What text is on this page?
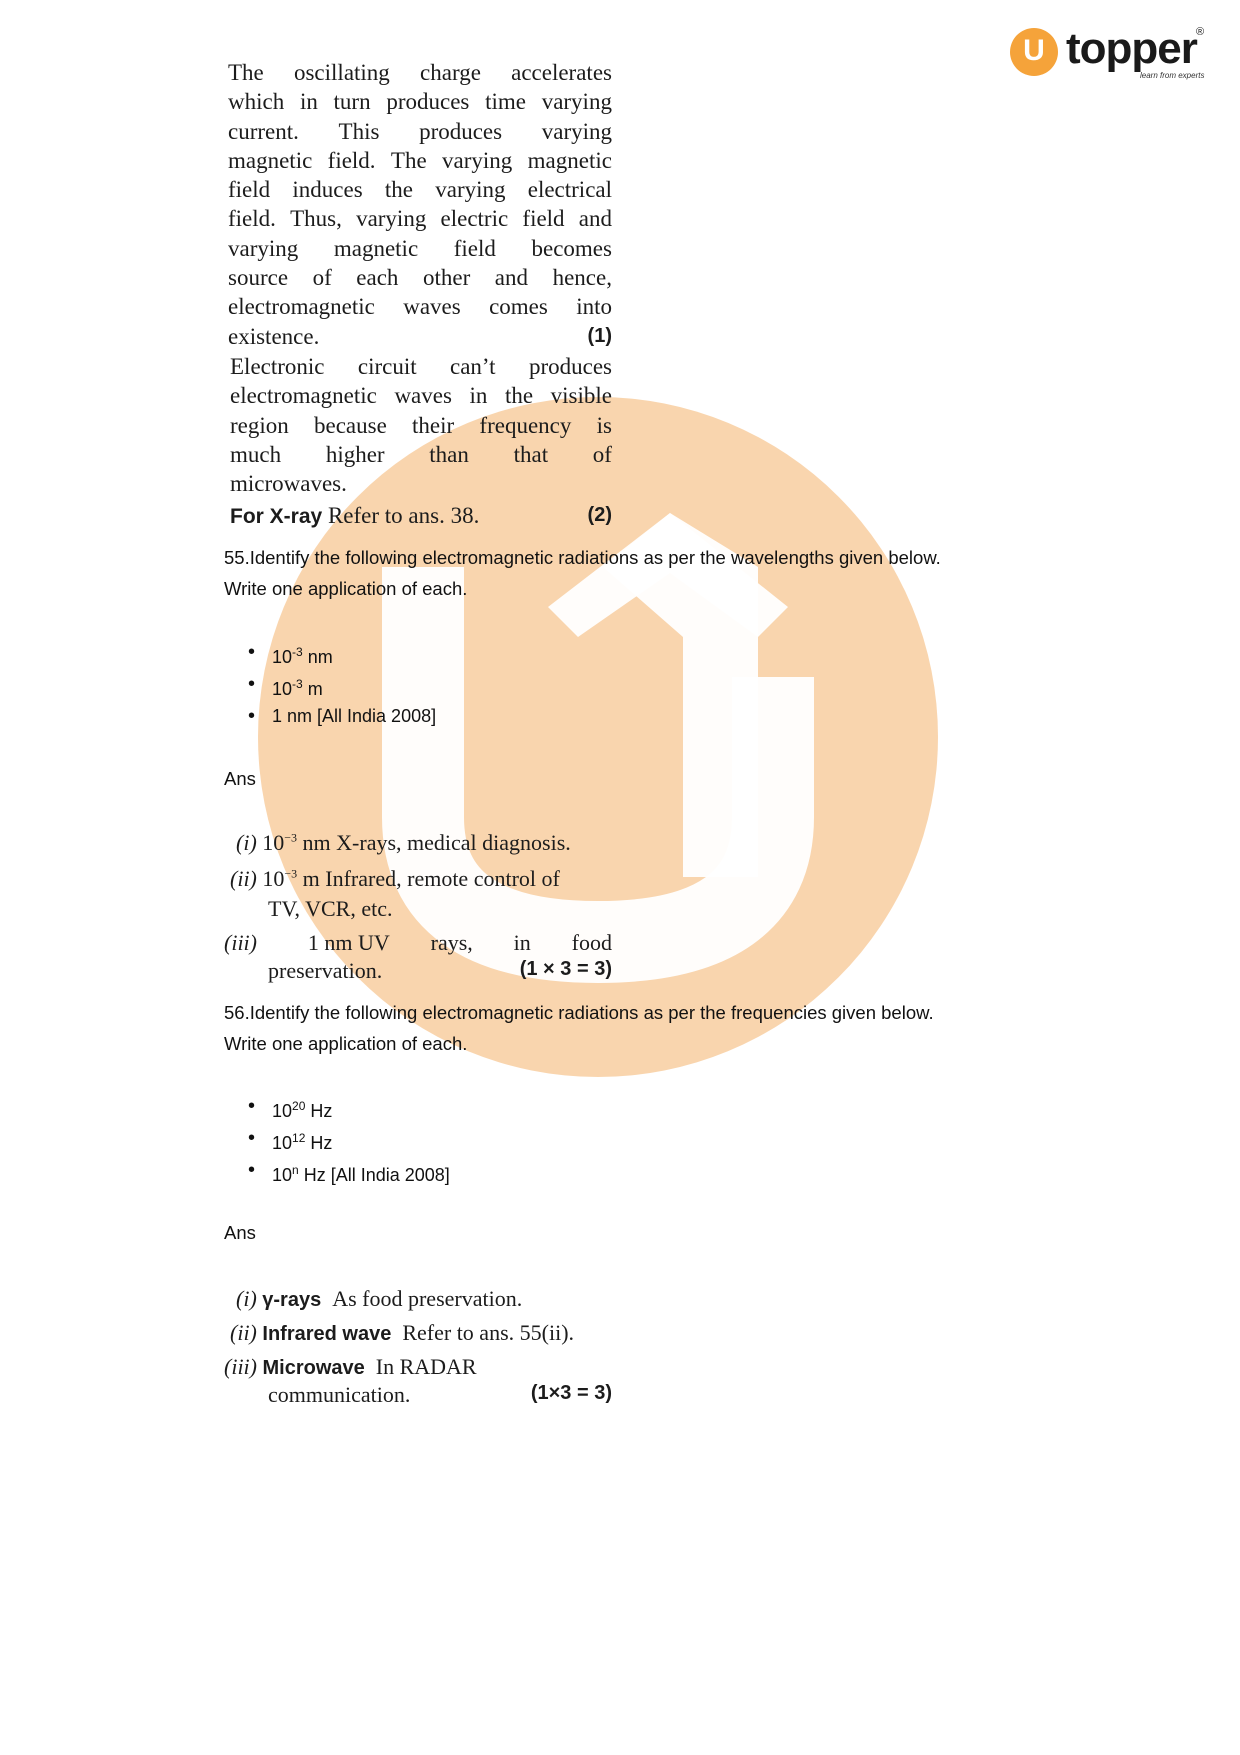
U topper ®
learn from experts
The oscillating charge accelerates
which in turn produces time varying
current. This produces varying
magnetic field. The varying magnetic
field induces the varying electrical
field. Thus, varying electric field and
varying magnetic field becomes
source of each other and hence,
electromagnetic waves comes into
existence.	(1)
Electronic circuit can’t produces
electromagnetic waves in the visible
region because their frequency is
much higher than that of
microwaves.
For X-ray Refer to ans. 38.	(2)
55.Identify the following electromagnetic radiations as per the wavelengths given below.
Write one application of each.
• $10^{-3}$ nm
• $10^{-3}$ m
• 1 nm [All India 2008]
Ans
(i) $10^{-3}$ nm X-rays, medical diagnosis.
(ii) $10^{-3}$ m Infrared, remote control of
TV, VCR, etc.
(iii) 1 nm UV rays, in food
preservation.	(1 × 3 = 3)
56.Identify the following electromagnetic radiations as per the frequencies given below.
Write one application of each.
• $10^{20}$ Hz
• $10^{12}$ Hz
• 10$^n$ Hz [All India 2008]
Ans
(i) γ-rays As food preservation.
(ii) Infrared wave Refer to ans. 55(ii).
(iii) Microwave In RADAR
communication.	(1×3 = 3)
